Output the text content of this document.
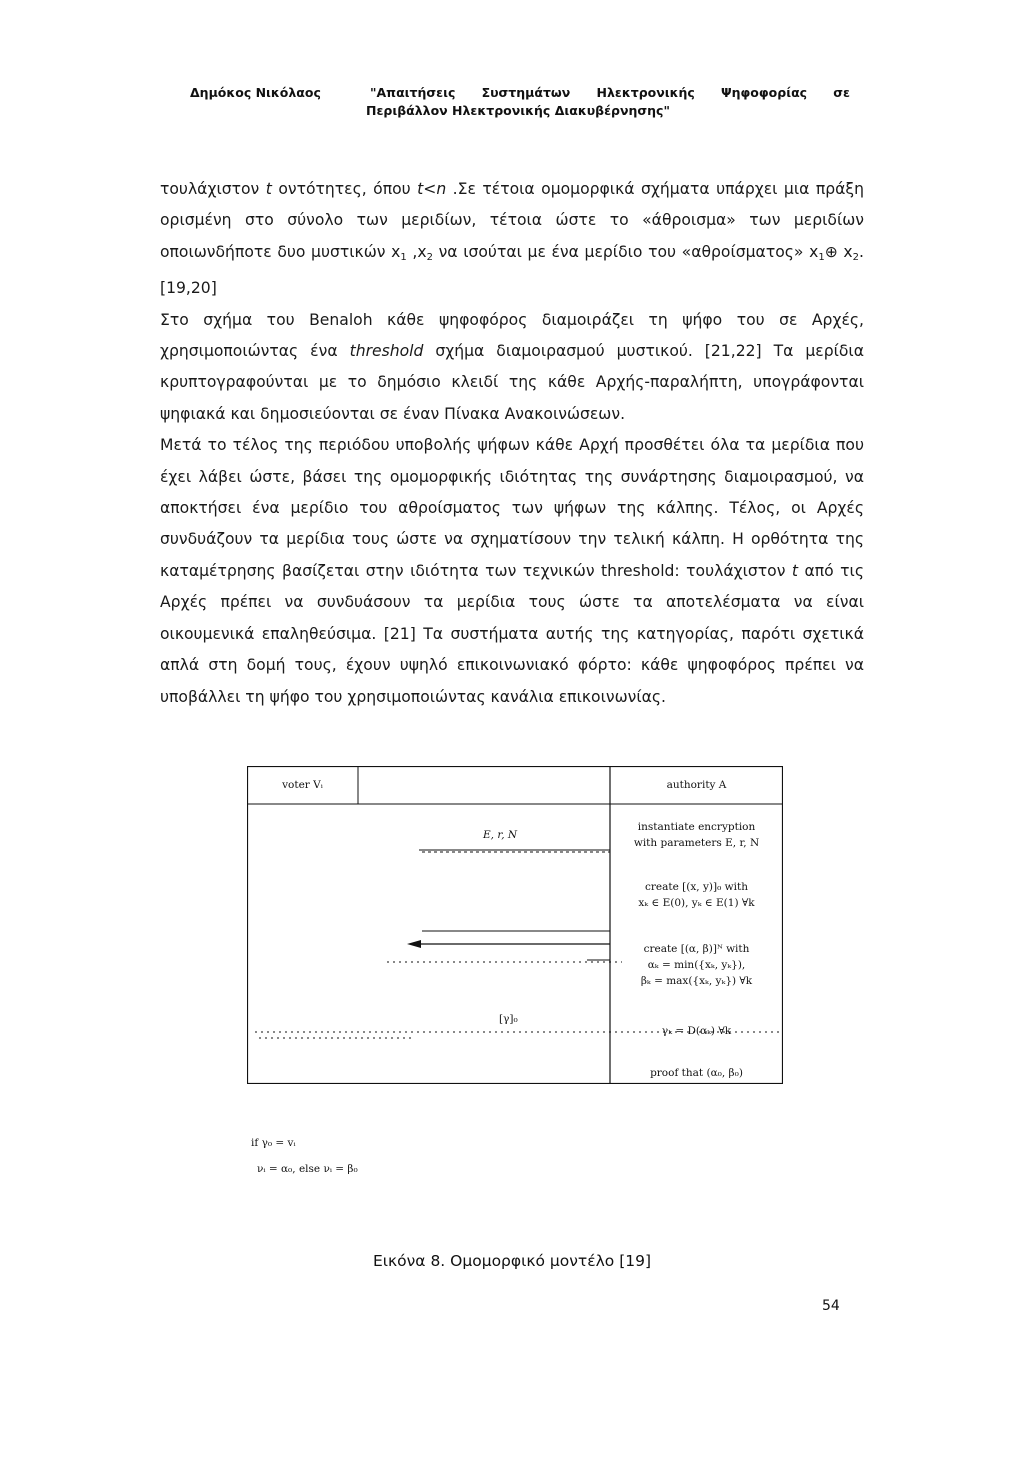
Δημόκος Νικόλαος	"Απαιτήσεις Συστημάτων Ηλεκτρονικής Ψηφοφορίας σε
Περιβάλλον Ηλεκτρονικής Διακυβέρνησης"

τουλάχιστον t οντότητες, όπου t<n .Σε τέτοια ομομορφικά σχήματα υπάρχει μια πράξη ορισμένη στο σύνολο των μεριδίων, τέτοια ώστε το «άθροισμα» των μεριδίων οποιωνδήποτε δυο μυστικών $x_1$ $,x_2$ να ισούται με ένα μερίδιο του «αθροίσματος» $x_1\oplus$ $x_2$. [19,20]

Στο σχήμα του Benaloh κάθε ψηφοφόρος διαμοιράζει τη ψήφο του σε Αρχές, χρησιμοποιώντας ένα threshold σχήμα διαμοιρασμού μυστικού. [21,22] Τα μερίδια κρυπτογραφούνται με το δημόσιο κλειδί της κάθε Αρχής-παραλήπτη, υπογράφονται ψηφιακά και δημοσιεύονται σε έναν Πίνακα Ανακοινώσεων.

Μετά το τέλος της περιόδου υποβολής ψήφων κάθε Αρχή προσθέτει όλα τα μερίδια που έχει λάβει ώστε, βάσει της ομομορφικής ιδιότητας της συνάρτησης διαμοιρασμού, να αποκτήσει ένα μερίδιο του αθροίσματος των ψήφων της κάλπης. Τέλος, οι Αρχές συνδυάζουν τα μερίδια τους ώστε να σχηματίσουν την τελική κάλπη. Η ορθότητα της καταμέτρησης βασίζεται στην ιδιότητα των τεχνικών threshold: τουλάχιστον t από τις Αρχές πρέπει να συνδυάσουν τα μερίδια τους ώστε τα αποτελέσματα να είναι οικουμενικά επαληθεύσιμα. [21] Τα συστήματα αυτής της κατηγορίας, παρότι σχετικά απλά στη δομή τους, έχουν υψηλό επικοινωνιακό φόρτο: κάθε ψηφοφόρος πρέπει να υποβάλλει τη ψήφο του χρησιμοποιώντας κανάλια επικοινωνίας.

voter Vᵢ	authority A
E, r, N
instantiate encryption
with parameters E, r, N
create [(x, y)]₀ with
xₖ ∈ E(0), yₖ ∈ E(1) ∀k
create [(α, β)]ᴺ with
αₖ = min({xₖ, yₖ}),
βₖ = max({xₖ, yₖ}) ∀k
[γ]₀
γₖ = D(αₖ) ∀k
proof that (α₀, β₀)
if γ₀ = vᵢ
νᵢ = α₀, else νᵢ = β₀
Εικόνα 8. Ομομορφικό μοντέλο [19]
54
